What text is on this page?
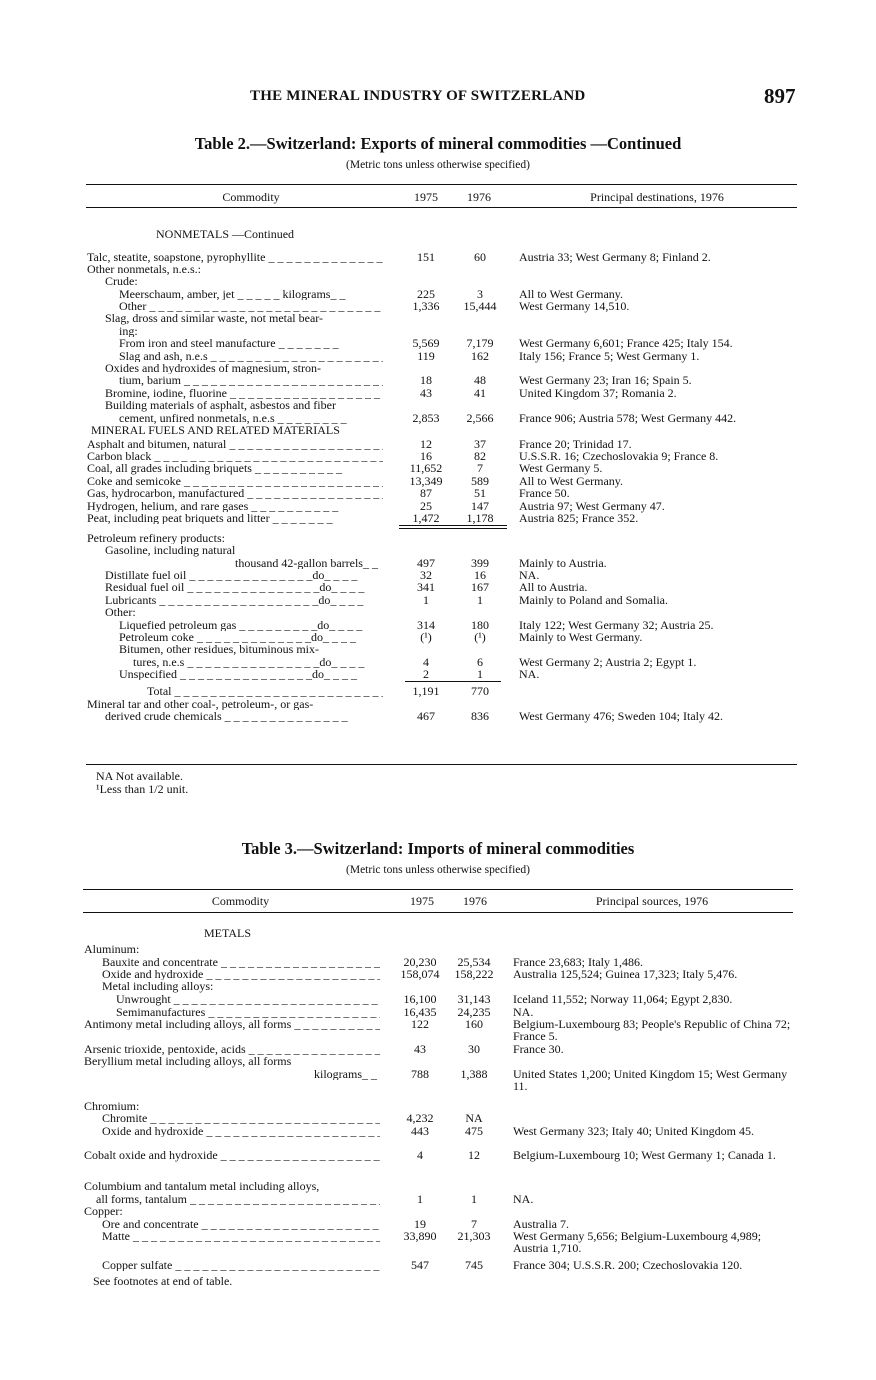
THE MINERAL INDUSTRY OF SWITZERLAND	897
Table 2.—Switzerland: Exports of mineral commodities —Continued
(Metric tons unless otherwise specified)
Commodity	1975	1976	Principal destinations, 1976
NONMETALS —Continued
Talc, steatite, soapstone, pyrophyllite _ _ _	151	60	Austria 33; West Germany 8; Finland 2.
Other nonmetals, n.e.s.:
Crude:
Meerschaum, amber, jet _ _ _ _ _ kilograms_ _	225	3	All to West Germany.
Other _ _ _	1,336	15,444	West Germany 14,510.
Slag, dross and similar waste, not metal bear-
ing:
From iron and steel manufacture _ _ _ _ _ _ _	5,569	7,179	West Germany 6,601; France 425; Italy 154.
Slag and ash, n.e.s _ _ _	119	162	Italy 156; France 5; West Germany 1.
Oxides and hydroxides of magnesium, stron-
tium, barium _ _ _	18	48	West Germany 23; Iran 16; Spain 5.
Bromine, iodine, fluorine _ _ _	43	41	United Kingdom 37; Romania 2.
Building materials of asphalt, asbestos and fiber
cement, unfired nonmetals, n.e.s _ _ _ _ _ _ _ _	2,853	2,566	France 906; Austria 578; West Germany 442.
MINERAL FUELS AND RELATED MATERIALS
Asphalt and bitumen, natural _ _ _	12	37	France 20; Trinidad 17.
Carbon black _ _ _	16	82	U.S.S.R. 16; Czechoslovakia 9; France 8.
Coal, all grades including briquets _ _ _ _ _ _ _ _ _ _	11,652	7	West Germany 5.
Coke and semicoke _ _ _	13,349	589	All to West Germany.
Gas, hydrocarbon, manufactured _ _ _	87	51	France 50.
Hydrogen, helium, and rare gases _ _ _ _ _ _ _ _ _ _	25	147	Austria 97; West Germany 47.
Peat, including peat briquets and litter _ _ _ _ _ _ _	1,472	1,178	Austria 825; France 352.
Petroleum refinery products:
Gasoline, including natural
thousand 42-gallon barrels_ _	497	399	Mainly to Austria.
Distillate fuel oil _ _ _ _ _ _ _ _ _ _ _ _ _ _do_ _ _ _	32	16	NA.
Residual fuel oil _ _ _ _ _ _ _ _ _ _ _ _ _ _ _do_ _ _ _	341	167	All to Austria.
Lubricants _ _ _ _ _ _ _ _ _ _ _ _ _ _ _ _ _ _do_ _ _ _	1	1	Mainly to Poland and Somalia.
Other:
Liquefied petroleum gas _ _ _ _ _ _ _ _ _do_ _ _ _	314	180	Italy 122; West Germany 32; Austria 25.
Petroleum coke _ _ _ _ _ _ _ _ _ _ _ _ _do_ _ _ _	(¹)	(¹)	Mainly to West Germany.
Bitumen, other residues, bituminous mix-
tures, n.e.s _ _ _ _ _ _ _ _ _ _ _ _ _ _ _do_ _ _ _	4	6	West Germany 2; Austria 2; Egypt 1.
Unspecified _ _ _ _ _ _ _ _ _ _ _ _ _ _ _do_ _ _ _	2	1	NA.
Total _ _ _	1,191	770
Mineral tar and other coal-, petroleum-, or gas-
derived crude chemicals _ _ _ _ _ _ _ _ _ _ _ _ _ _	467	836	West Germany 476; Sweden 104; Italy 42.
NA Not available.
¹Less than 1/2 unit.
Table 3.—Switzerland: Imports of mineral commodities
(Metric tons unless otherwise specified)
Commodity	1975	1976	Principal sources, 1976
METALS
Aluminum:
Bauxite and concentrate _ _ _	20,230	25,534	France 23,683; Italy 1,486.
Oxide and hydroxide _ _ _	158,074	158,222	Australia 125,524; Guinea 17,323; Italy 5,476.
Metal including alloys:
Unwrought _ _ _	16,100	31,143	Iceland 11,552; Norway 11,064; Egypt 2,830.
Semimanufactures _ _ _	16,435	24,235	NA.
Antimony metal including alloys, all forms _ _ _	122	160	Belgium-Luxembourg 83; People's Republic of China 72; France 5.
Arsenic trioxide, pentoxide, acids _ _ _	43	30	France 30.
Beryllium metal including alloys, all forms
kilograms_ _	788	1,388	United States 1,200; United Kingdom 15; West Germany 11.
Chromium:
Chromite _ _ _	4,232	NA
Oxide and hydroxide _ _ _	443	475	West Germany 323; Italy 40; United Kingdom 45.
Cobalt oxide and hydroxide _ _ _	4	12	Belgium-Luxembourg 10; West Germany 1; Canada 1.
Columbium and tantalum metal including alloys,
all forms, tantalum _ _ _	1	1	NA.
Copper:
Ore and concentrate _ _ _	19	7	Australia 7.
Matte _ _ _	33,890	21,303	West Germany 5,656; Belgium-Luxembourg 4,989; Austria 1,710.
Copper sulfate _ _ _	547	745	France 304; U.S.S.R. 200; Czechoslovakia 120.
See footnotes at end of table.
